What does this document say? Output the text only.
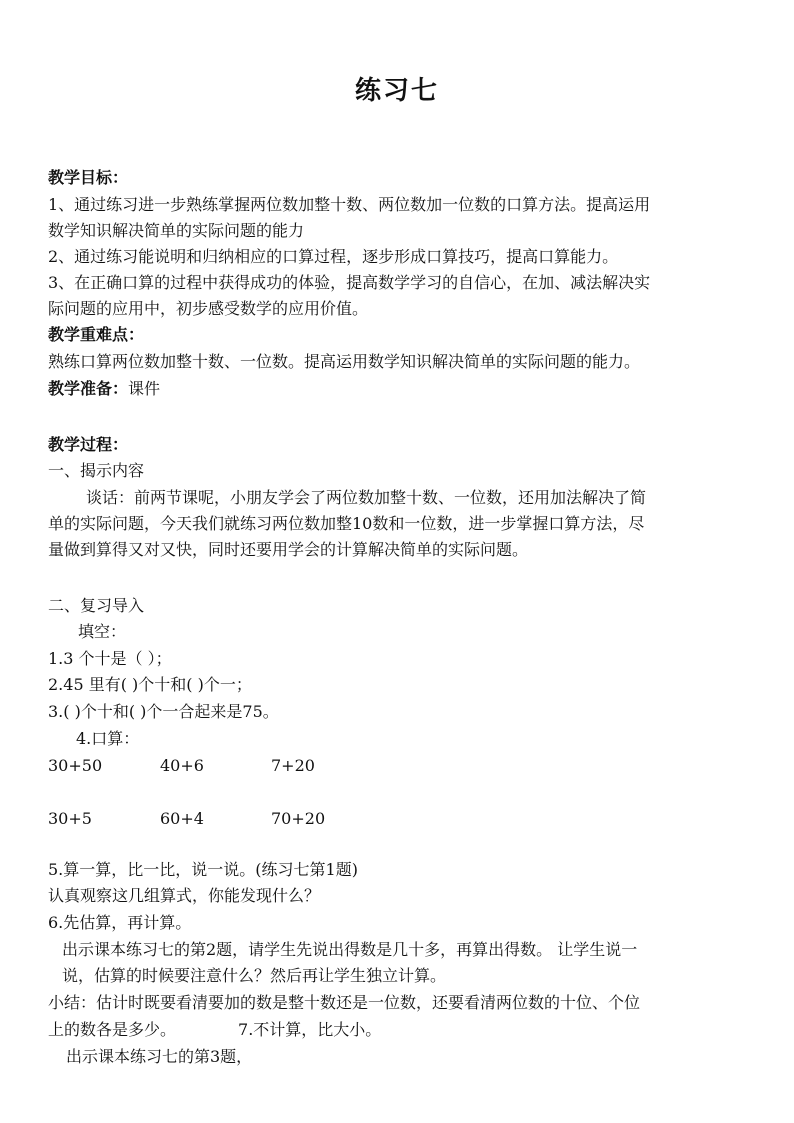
练习七
教学目标：
1、通过练习进一步熟练掌握两位数加整十数、两位数加一位数的口算方法。提高运用
数学知识解决简单的实际问题的能力
2、通过练习能说明和归纳相应的口算过程，逐步形成口算技巧，提高口算能力。
3、在正确口算的过程中获得成功的体验，提高数学学习的自信心，在加、减法解决实
际问题的应用中，初步感受数学的应用价值。
教学重难点：
熟练口算两位数加整十数、一位数。提高运用数学知识解决简单的实际问题的能力。
教学准备：课件
教学过程：
一、揭示内容
谈话：前两节课呢，小朋友学会了两位数加整十数、一位数，还用加法解决了简
单的实际问题，今天我们就练习两位数加整10数和一位数，进一步掌握口算方法，尽
量做到算得又对又快，同时还要用学会的计算解决简单的实际问题。
二、复习导入
填空：
1.3 个十是（ ）；
2.45 里有( )个十和( )个一；
3.( )个十和( )个一合起来是75。
4.口算：
30+50	40+6	7+20
30+5	60+4	70+20
5.算一算，比一比，说一说。(练习七第1题)
认真观察这几组算式，你能发现什么？
6.先估算，再计算。
出示课本练习七的第2题，请学生先说出得数是几十多，再算出得数。 让学生说一
说，估算的时候要注意什么？然后再让学生独立计算。
小结：估计时既要看清要加的数是整十数还是一位数，还要看清两位数的十位、个位
上的数各是多少。	7.不计算，比大小。
出示课本练习七的第3题，
